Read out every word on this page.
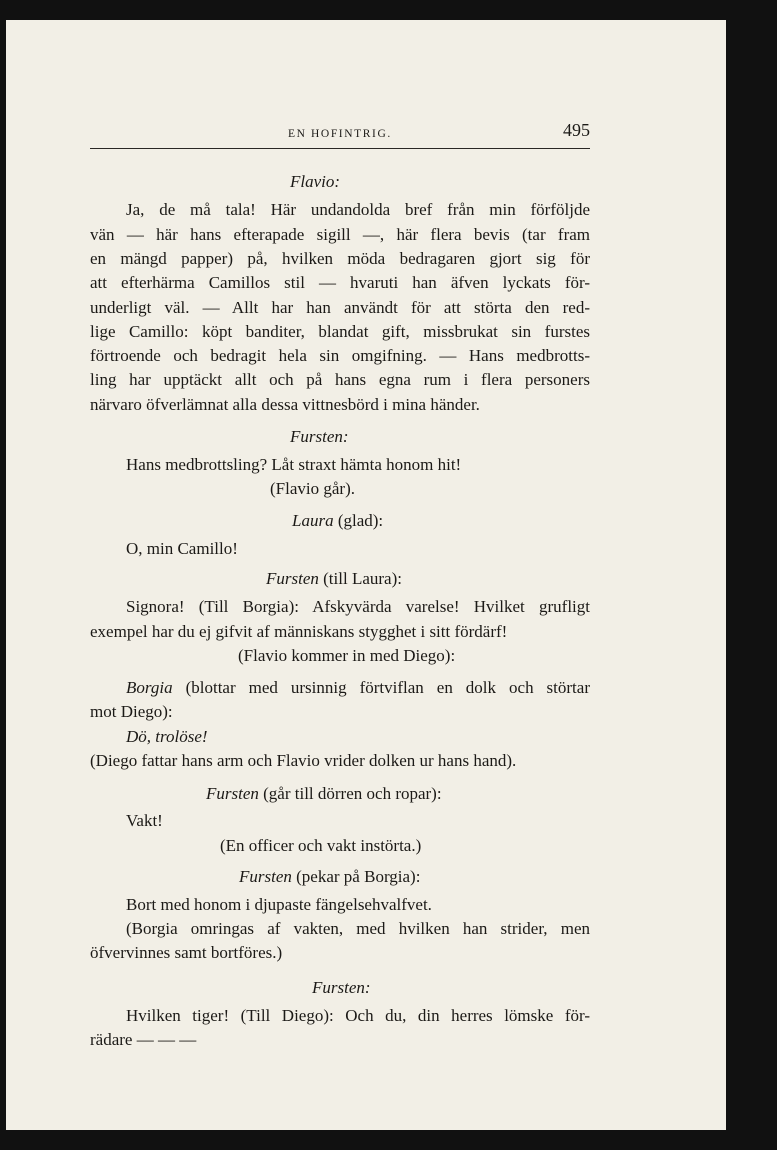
EN HOFINTRIG.	495
Flavio:
Ja, de må tala! Här undandolda bref från min förföljde
vän — här hans efterapade sigill —, här flera bevis (tar fram
en mängd papper) på, hvilken möda bedragaren gjort sig för
att efterhärma Camillos stil — hvaruti han äfven lyckats för-
underligt väl. — Allt har han användt för att störta den red-
lige Camillo: köpt banditer, blandat gift, missbrukat sin furstes
förtroende och bedragit hela sin omgifning. — Hans medbrotts-
ling har upptäckt allt och på hans egna rum i flera personers
närvaro öfverlämnat alla dessa vittnesbörd i mina händer.
Fursten:
Hans medbrottsling? Låt straxt hämta honom hit!
(Flavio går).
Laura (glad):
O, min Camillo!
Fursten (till Laura):
Signora! (Till Borgia): Afskyvärda varelse! Hvilket grufligt
exempel har du ej gifvit af människans stygghet i sitt fördärf!
(Flavio kommer in med Diego):
Borgia (blottar med ursinnig förtviflan en dolk och störtar
mot Diego):
Dö, trolöse!
(Diego fattar hans arm och Flavio vrider dolken ur hans hand).
Fursten (går till dörren och ropar):
Vakt!
(En officer och vakt instörta.)
Fursten (pekar på Borgia):
Bort med honom i djupaste fängelsehvalfvet.
(Borgia omringas af vakten, med hvilken han strider, men
öfvervinnes samt bortföres.)
Fursten:
Hvilken tiger! (Till Diego): Och du, din herres lömske för-
rädare — — —
